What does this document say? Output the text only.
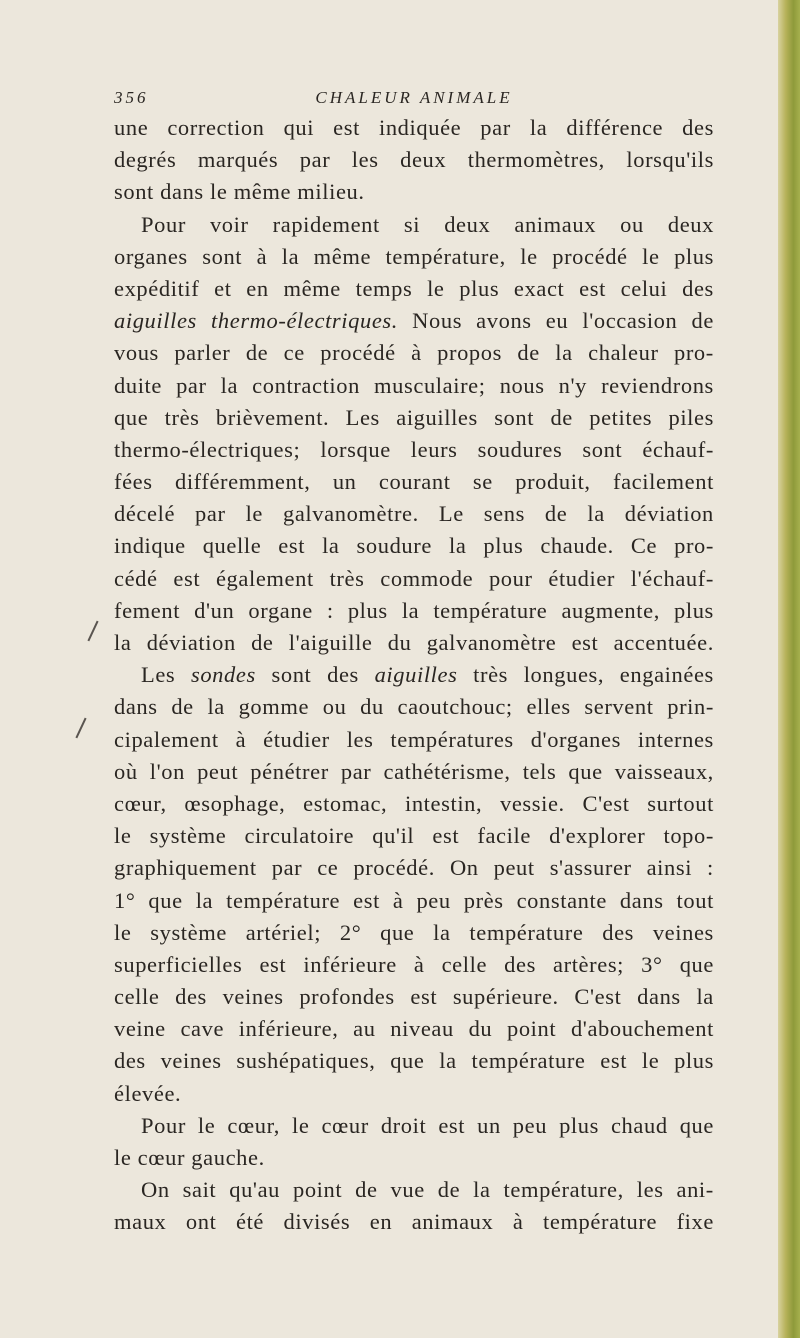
356	CHALEUR ANIMALE
une correction qui est indiquée par la différence des
degrés marqués par les deux thermomètres, lorsqu'ils
sont dans le même milieu.
Pour voir rapidement si deux animaux ou deux
organes sont à la même température, le procédé le plus
expéditif et en même temps le plus exact est celui des
aiguilles thermo-électriques. Nous avons eu l'occasion de
vous parler de ce procédé à propos de la chaleur pro-
duite par la contraction musculaire; nous n'y reviendrons
que très brièvement. Les aiguilles sont de petites piles
thermo-électriques; lorsque leurs soudures sont échauf-
fées différemment, un courant se produit, facilement
décelé par le galvanomètre. Le sens de la déviation
indique quelle est la soudure la plus chaude. Ce pro-
cédé est également très commode pour étudier l'échauf-
fement d'un organe : plus la température augmente, plus
la déviation de l'aiguille du galvanomètre est accentuée.
Les sondes sont des aiguilles très longues, engainées
dans de la gomme ou du caoutchouc; elles servent prin-
cipalement à étudier les températures d'organes internes
où l'on peut pénétrer par cathétérisme, tels que vaisseaux,
cœur, œsophage, estomac, intestin, vessie. C'est surtout
le système circulatoire qu'il est facile d'explorer topo-
graphiquement par ce procédé. On peut s'assurer ainsi :
1° que la température est à peu près constante dans tout
le système artériel; 2° que la température des veines
superficielles est inférieure à celle des artères; 3° que
celle des veines profondes est supérieure. C'est dans la
veine cave inférieure, au niveau du point d'abouchement
des veines sushépatiques, que la température est le plus
élevée.
Pour le cœur, le cœur droit est un peu plus chaud que
le cœur gauche.
On sait qu'au point de vue de la température, les ani-
maux ont été divisés en animaux à température fixe
